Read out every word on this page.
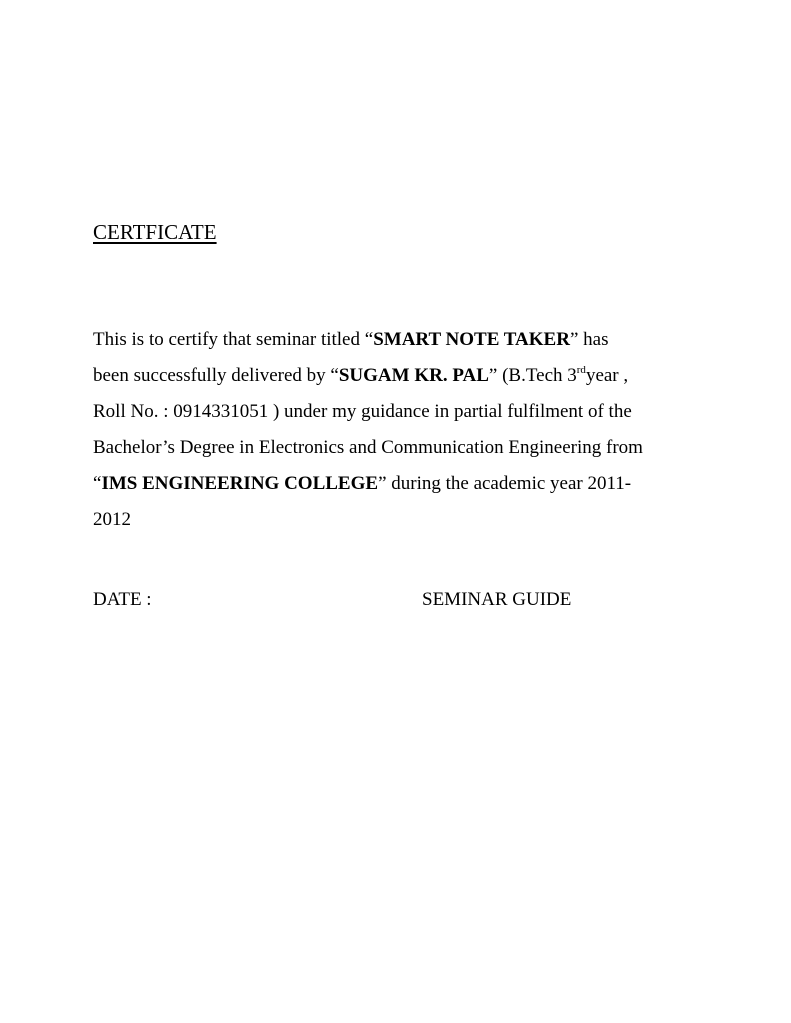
CERTFICATE
This is to certify that seminar titled “SMART NOTE TAKER” has
been successfully delivered by “SUGAM KR. PAL” (B.Tech 3rdyear ,
Roll No. : 0914331051 ) under my guidance in partial fulfilment of the
Bachelor’s Degree in Electronics and Communication Engineering from
“IMS ENGINEERING COLLEGE” during the academic year 2011-
2012
DATE :	SEMINAR GUIDE
